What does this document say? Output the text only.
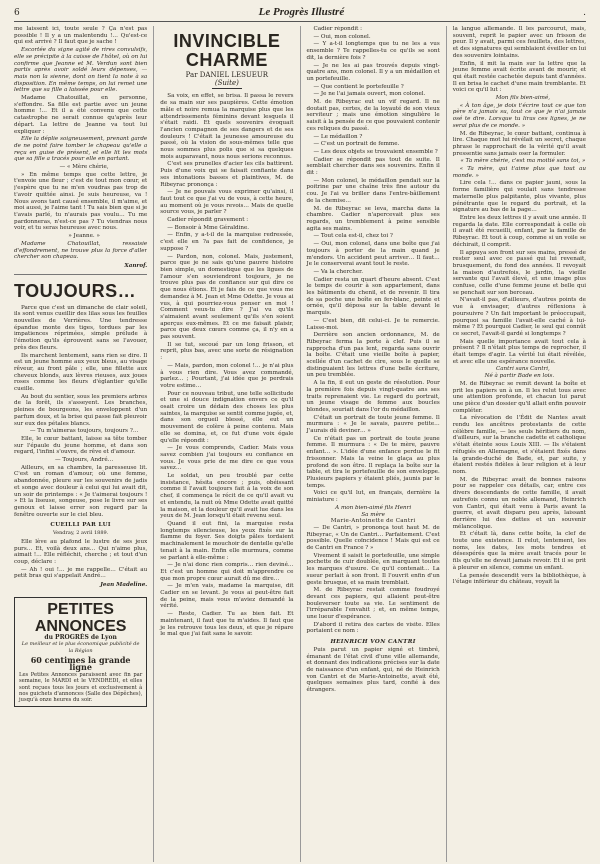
6	Le Progrès Illustré	.

me laissent ici, toute seule ? Ça n'est pas possible ! Il y a un malentendu !… Qu'est-ce qui est arrivé ? Il faut que je sache !

Escortée du signe agité de rires convulsifs, elle se précipite à la caisse de l'hôtel, où on lui confirme que Jeanne et M. Verdun sont bien partis après avoir soldé leurs dépenses, — mais non la sienne, dont on tient la note à sa disposition. En même temps, on lui remet une lettre que sa fille a laissée pour elle.

Madame Chatouillat, en personne, s'effondre. Sa fille est partie avec un jeune homme !… Et il a été convenu que cette catastrophe ne serait connue qu'après leur départ. La lettre de Jeanne va tout lui expliquer :

Elle la déplie soigneusement, prenant garde de ne point faire tomber le chapeau qu'elle a reçu en guise de présent, et elle lit les mots que sa fille a tracés pour elle en partant.

— « Mère chérie,

» En même temps que cette lettre, je t'envoie une fleur ; c'est de tout mon cœur, et j'espère que tu ne m'en voudras pas trop de t'avoir quittée ainsi. Je suis heureuse, va ! Nous avons tant causé ensemble, il m'aime, et moi aussi, je l'aime tant ! Tu sais bien que si je t'avais parlé, tu n'aurais pas voulu… Tu me pardonneras, n'est-ce pas ? Tu viendras nous voir, et tu seras heureuse avec nous.

» Jeanne. »

Madame Chatouillat, ressaisie d'effondrement, ne trouve plus la force d'aller chercher son chapeau.

Xanrof.
TOUJOURS…

Parce que c'est un dimanche de clair soleil, ils sont venus cueillir des lilas sous les feuilles nouvelles de Verrières. Une tendresse épandue monte des tiges, tordues par les impatiences réprimées, simple prélude à l'émotion qu'ils éprouvent sans se l'avouer, près des fleurs.

Ils marchent lentement, sans rien se dire. Il est un jeune homme aux yeux bleus, au visage rêveur, au front pâle ; elle, une fillette aux cheveux blonds, aux lèvres rieuses, aux joues roses comme les fleurs d'églantier qu'elle cueille.

Au bout du sentier, sous les premiers arbres de la forêt, ils s'asseyent. Les branches, pleines de bourgeons, les enveloppent d'un parfum doux, et la brise qui passe fait pleuvoir sur eux des pétales blancs.

— Tu m'aimeras toujours, toujours ?…

Elle, le cœur battant, laisse sa tête tomber sur l'épaule du jeune homme, et dans son regard, l'infini s'ouvre, de rêve et d'amour.

— Toujours, André…

Ailleurs, en sa chambre, la paresseuse lit. C'est un roman d'amour, où une femme, abandonnée, pleure sur les souvenirs de jadis et songe avec douleur à celui qui lui avait dit, un soir de printemps : « Je t'aimerai toujours ! » Et la liseuse, songeuse, pose le livre sur ses genoux et laisse errer son regard par la fenêtre ouverte sur le ciel bleu.

CUEILLI PAR LUI
Vendray, 2 avril 1889.

Elle lève au plafond le lustre de ses jeux purs… Et, voilà deux ans… Qui n'aime plus, aimait !… Elle réfléchit, cherche ; et tout d'un coup, déclare :

— Ah ! oui !… je me rappelle… C'était au petit bras qui s'appelait André…

Jean Madeline.
PETITES ANNONCES
du PROGRÈS de Lyon
Le meilleur et le plus économique publicité de la Région
60 centimes la grande ligne
Les Petites Annonces paraissent avec fin par semaine, le MARDI et le VENDREDI, et elles sont reçues tous les jours et exclusivement à nos guichets d'annonces (Salle des Dépêches), jusqu'à onze heures du soir.
INVINCIBLE CHARME
Par DANIEL LESUEUR
(Suite)

Sa voix, en effet, se brisa. Il passa le revers de sa main sur ses paupières. Cette émotion mâle et noire remua la marquise plus que les attendrissements féminins devant lesquels il s'était raidi. Et quels souvenirs évoquait l'ancien compagnon de ses dangers et de ses douleurs ! C'était la jeunesse amoureuse du passé, où la vision de sous-mêmes telle que nous sommes plus polis que si sa quelques mois auparavant, nous nous serions reconnus.

C'est ses prunelles d'acier les cils battirent. Puis d'une voix qui se faisait confiante dans ses intonations basses et plaintives, M. de Ribeyrac prononça :

— Je ne pouvais vous exprimer qu'ainsi, il faut tout ce que j'ai vu de vous, à cette heure, au moment où je vous revois… Mais de quelle source vous, je parler ?

Cadier répondit gravement :

— Bonsoir à Mme Géraldine.

— Enfin, y a-t-il de la marquise redressée, c'est elle en ?a pas fait de confidence, je suppose ?

— Pardon, non, colonel. Mais, justement, parce que je ne sais qu'une pauvre histoire bien simple, un domestique que les ligues de l'amour s'en souviendront toujours, je ne trouve plus pas de confiance sur qui dire ce que nous étions. Et je fais de ce que vous me demandez à M. Jean et Mme Odette. Je vous ai vus, à qui pourriez-vous penser en moi ! Comment veux-tu dire ? J'ai vu qu'ils s'aimaient avant seulement qu'ils s'en soient aperçus eux-mêmes. Et ce me faisait plaisir, parce que deux cœurs comme ça, il n'y en a pas souvent.

Il se tut, secoué par un long frisson, et reprit, plus bas, avec une sorte de résignation :

— Mais, pardon, mon colonel !… je n'ai plus à vous rien dire. Vous avez commandé, parlez… ; Pourtant, j'ai idée que je perdrais votre estime…

Pour ce nouveau tribut, une telle sollicitude et une si douce indignation envers ce qu'il osait croire un dédain des choses les plus saintes, la marquise se sentit comme jugée, et, dans son orgueil blessé, elle eut un mouvement de colère à peine contenu. Mais elle se domina, et, ce fut d'une voix égale qu'elle répondit :

— Je vous comprends, Cadier. Mais vous savez combien j'ai toujours eu confiance en vous. Je vous prie de me dire ce que vous savez…

Le soldat, un peu troublé par cette insistance, hésita encore ; puis, obéissant comme il l'avait toujours fait à la voix de son chef, il commença le récit de ce qu'il avait vu et entendu, la nuit où Mme Odette avait quitté la maison, et la douleur qu'il avait lue dans les yeux de M. Jean lorsqu'il était revenu seul.

Quand il eut fini, la marquise resta longtemps silencieuse, les yeux fixés sur la flamme du foyer. Ses doigts pâles tordaient machinalement le mouchoir de dentelle qu'elle tenait à la main. Enfin elle murmura, comme se parlant à elle-même :

— Je n'ai donc rien compris… rien deviné… Et c'est un homme qui doit m'apprendre ce que mon propre cœur aurait dû me dire…

— Je m'en vais, madame la marquise, dit Cadier en se levant. Je vous ai peut-être fait de la peine, mais vous m'aviez demandé la vérité.

— Reste, Cadier. Tu as bien fait. Et maintenant, il faut que tu m'aides. Il faut que je les retrouve tous les deux, et que je répare le mal que j'ai fait sans le savoir.

Cadier répondit :

— Oui, mon colonel.

— Y a-t-il longtemps que tu ne les a vus ensemble ? Te rappelles-tu ce qu'ils se sont dit, la dernière fois ?

— Je ne les ai pas trouvés depuis vingt-quatre ans, mon colonel. Il y a un médaillon et un portefeuille.

— Que contient le portefeuille ?

— Je ne l'ai jamais ouvert, mon colonel.

M. de Ribeyrac eut un vif regard. Il ne doutait pas, certes, de la loyauté de son vieux serviteur ; mais une émotion singulière le saisit à la pensée de ce que pouvaient contenir ces reliques du passé.

— Le médaillon ?

— C'est un portrait de femme.

— Les deux objets se trouvaient ensemble ?

Cadier se répondit pas tout de suite. Il semblait chercher dans ses souvenirs. Enfin il dit :

— Mon colonel, le médaillon pendait sur la poitrine par une chaîne très fine autour du cou. Je l'ai vu briller dans l'entre-bâillement de la chemise…

M. de Ribeyrac se leva, marcha dans la chambre. Cadier n'apercevait plus ses regards, un tremblement à peine sensible agita ses mains.

— Tout cela est-il, chez toi ?

— Oui, mon colonel, dans une boîte que j'ai toujours à porter de la main quand je m'endors. Un accident peut arriver… Il faut… Je le conserverai avant tout le reste.

— Va la chercher.

Cadier resta un quart d'heure absent. C'est le temps de courir à son appartement, dans les bâtiments du chenil, et de revenir. Il tira de sa poche une boîte en fer-blanc, peinte et ornée, qu'il déposa sur la table devant le marquis.

— C'est bien, dit celui-ci. Je te remercie. Laisse-moi.

Derrière son ancien ordonnance, M. de Ribeyrac ferma la porte à clef. Puis il se rapprocha d'un pas lent, regarda sans ouvrir la boîte. C'était une vieille boîte à papier, scellée d'un cachet de cire, sous le quelle se distinguaient les lettres d'une belle écriture, un peu tremblée.

A la fin, il eut un geste de résolution. Pour la première fois depuis vingt-quatre ans ses traits reprenaient vie. Le regard du portrait, un jeune visage de femme aux boucles blondes, souriait dans l'or du médaillon.

C'était un portrait de toute jeune femme. Il murmura : « Je le savais, pauvre petite… J'aurais dû deviner… »

Ce n'était pas un portrait de toute jeune femme. Il murmura : « De te mère, pauvre enfant… ». L'idée d'une enfance perdue le fit frissonner. Mais la veine le glaça au plus profond de son être. Il replaça la boîte sur la table, et tira le portefeuille de son enveloppe. Plusieurs papiers y étaient pliés, jaunis par le temps.

Voici ce qu'il lut, en français, dernière la miniature :

A mon bien-aimé fils Henri
Sa mère
Marie-Antoinette de Cantri

— De Cantri, » prononça tout haut M. de Ribeyrac, « Un de Cantri… Parfaitement. C'est possible. Quelle coïncidence ! Mais qui est ce de Cantri en France ? »

Vivement il saisit le portefeuille, une simple pochette de cuir doublée, en marquant toutes les marques d'usure. Ce qu'il contenait… La sueur perlait à son front. Il l'ouvrit enfin d'un geste brusque, et sa main tremblait.

M. de Ribeyrac restait comme foudroyé devant ces papiers, qui allaient peut-être bouleverser toute sa vie. Le sentiment de l'irréparable l'envahit ; et, en même temps, une lueur d'espérance.

D'abord il retira des cartes de visite. Elles portaient ce nom :

HEINRICH VON CANTRI

Puis parut un papier signé et timbré, émanant de l'état civil d'une ville allemande, et donnant des indications précises sur la date de naissance d'un enfant, qui, né de Heinrich von Cantri et de Marie-Antoinette, avait été, quelques semaines plus tard, confié à des étrangers.

la langue allemande. Il les parcourut, mais, souvent, reprit le papier avec un frisson de peur. Il y avait, parmi ces feuillets, des lettres, et des signatures qui semblaient éveiller en lui des souvenirs lointains.

Enfin, il mit la main sur la lettre que la jeune femme avait écrite avant de mourir, et qui était restée cachetée depuis tant d'années. Il en brisa le cachet d'une main tremblante. Et voici ce qu'il lut :

Mon fils bien-aimé,

« À ton âge, je dois t'écrire tout ce que ton père n'a jamais su, tout ce que je n'ai jamais osé te dire. Lorsque tu liras ces lignes, je ne serai plus de ce monde. »

M. de Ribeyrac, le cœur battant, continua à lire. Chaque mot lui révélait un secret, chaque phrase le rapprochait de la vérité qu'il avait pressentie sans jamais oser la formuler.

« Ta mère chérie, c'est ma moitié sans toi, »

« Ta mère, qui t'aime plus que tout au monde. »

Lire cela !… dans ce papier jauni, sous la forme familière qui voulait sans tendresse maternelle plus palpitante, plus vivante, plus pénétrante que le regard du portrait, et la signature au bas de la page…

Entre les deux lettres il y avait une année. Il regarda la date. Elle correspondait à celle où il avait été recueilli, enfant, par la famille de Ribeyrac. Et tout à coup, comme si un voile se déchirait, il comprit.

Il appuya son front sur ses mains, pressé de rester seul avec ce passé qui lui revenait, brusquement, du fond des années. Il revoyait la maison d'autrefois, le jardin, la vieille servante qui l'avait élevé, et une image plus confuse, celle d'une femme jeune et belle qui se penchait sur son berceau.

N'avait-il pas, d'ailleurs, d'autres points de vue à envisager, d'autres réflexions à poursuivre ? Un fait important le préoccupait, pourquoi sa famille l'avait-elle caché à lui-même ? Et pourquoi Cadier, le seul qui connût ce secret, l'avait-il gardé si longtemps ?

Mais quelle importance avait tout cela à présent ? Il n'était plus temps de reprocher, il était temps d'agir. La vérité lui était révélée, et avec elle une espérance nouvelle.

Cantri sans Cantri,
Né à partir Bade en lois.

M. de Ribeyrac se remit devant la boîte et prit les papiers un à un. Il les relut tous avec une attention profonde, et chacun lui parut une pièce d'un dossier qu'il allait enfin pouvoir compléter.

La révocation de l'Édit de Nantes avait rendu les ancêtres protestants de cette célèbre famille, — les seuls héritiers du nom, d'ailleurs, sur la branche cadette et catholique s'était éteinte sous Louis XIII. — Ils s'étaient réfugiés en Allemagne, et s'étaient fixés dans la grande-duché de Bade, et, par suite, y étaient restés fidèles à leur religion et à leur nom.

M. de Ribeyrac avait de bonnes raisons pour se rappeler ces détails, car, entre ces divers descendants de cette famille, il avait autrefois connu un noble allemand, Heinrich von Cantri, qui était venu à Paris avant la guerre, et avait disparu peu après, laissant derrière lui des dettes et un souvenir mélancolique.

Et c'était là, dans cette boîte, la clef de toute une existence. Il relut, lentement, les noms, les dates, les mots tendres et désespérés que la mère avait tracés pour le fils qu'elle ne devait jamais revoir. Et il se prit à pleurer en silence, comme un enfant.

La pensée descendit vers la bibliothèque, à l'étage inférieur du château, voyait la
